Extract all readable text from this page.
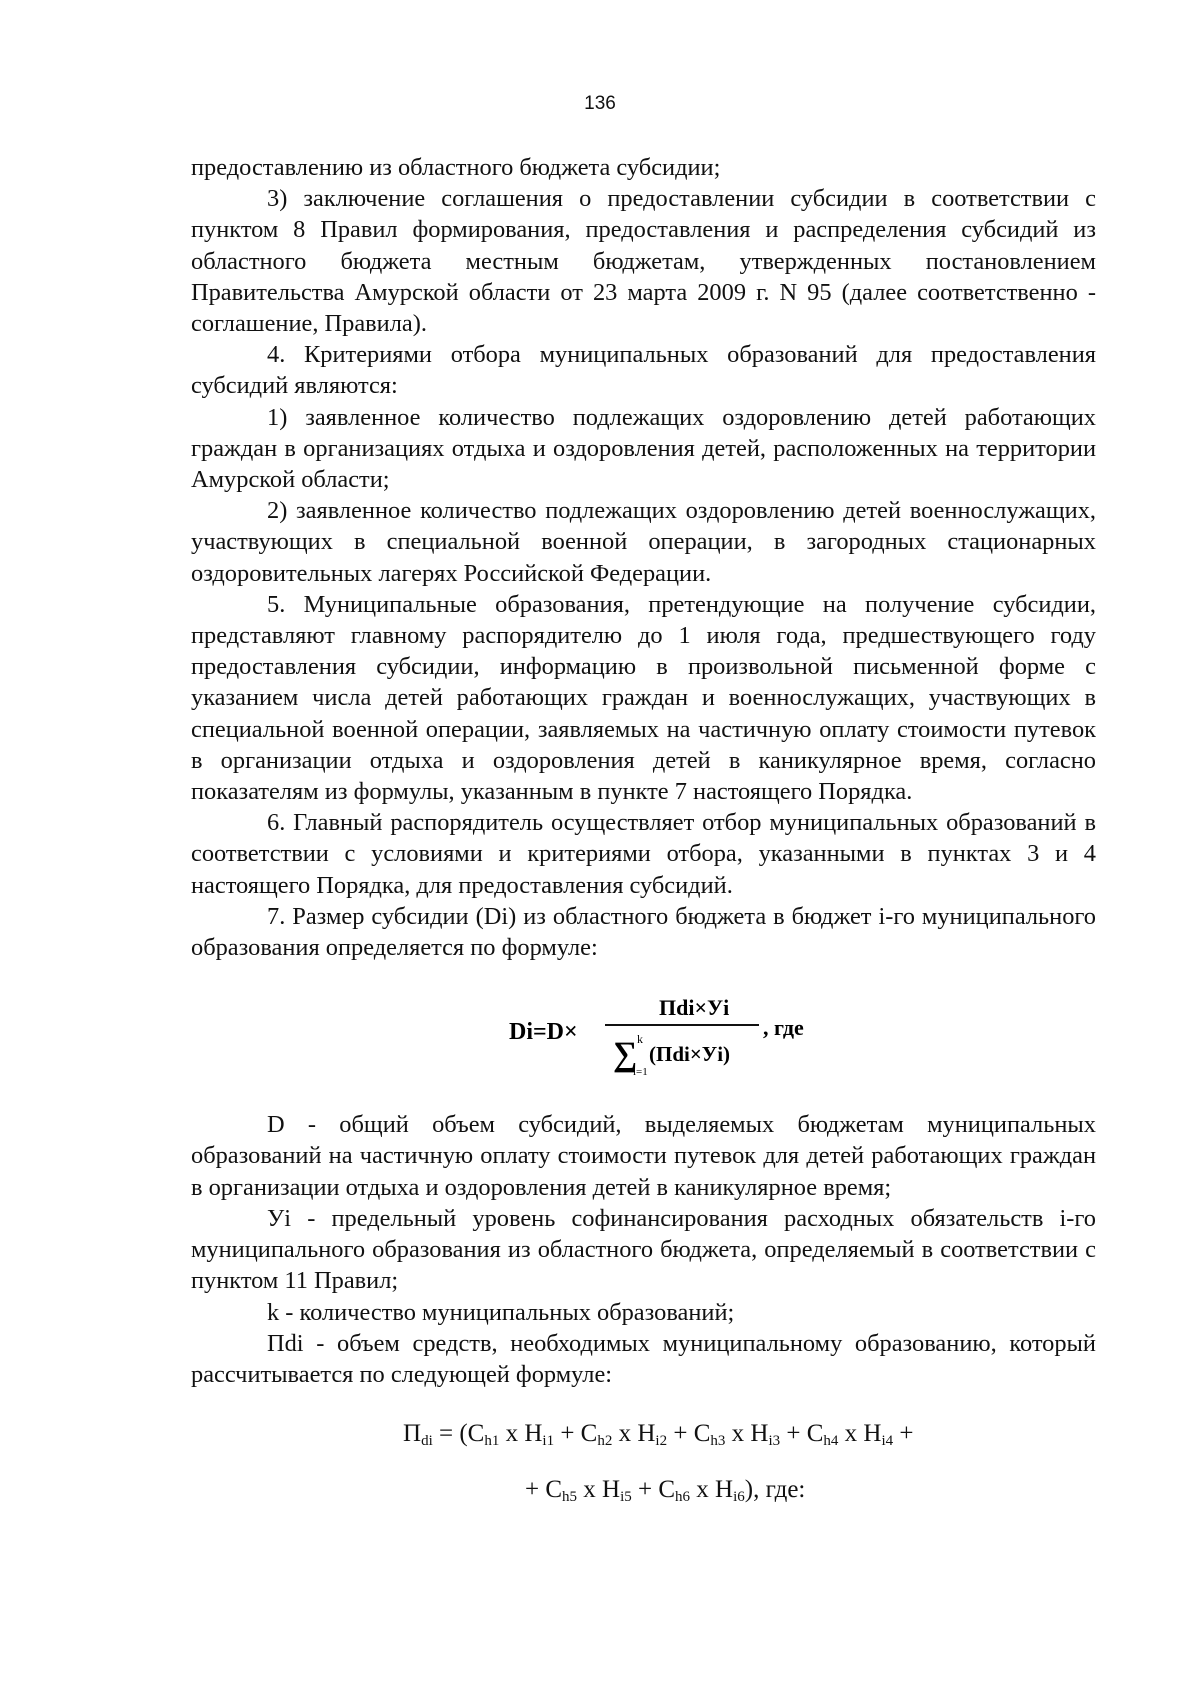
136

предоставлению из областного бюджета субсидии;

3) заключение соглашения о предоставлении субсидии в соответствии с пунктом 8 Правил формирования, предоставления и распределения субсидий из областного бюджета местным бюджетам, утвержденных постановлением Правительства Амурской области от 23 марта 2009 г. N 95 (далее соответственно - соглашение, Правила).

4. Критериями отбора муниципальных образований для предоставления субсидий являются:

1) заявленное количество подлежащих оздоровлению детей работающих граждан в организациях отдыха и оздоровления детей, расположенных на территории Амурской области;

2) заявленное количество подлежащих оздоровлению детей военнослужащих, участвующих в специальной военной операции, в загородных стационарных оздоровительных лагерях Российской Федерации.

5. Муниципальные образования, претендующие на получение субсидии, представляют главному распорядителю до 1 июля года, предшествующего году предоставления субсидии, информацию в произвольной письменной форме с указанием числа детей работающих граждан и военнослужащих, участвующих в специальной военной операции, заявляемых на частичную оплату стоимости путевок в организации отдыха и оздоровления детей в каникулярное время, согласно показателям из формулы, указанным в пункте 7 настоящего Порядка.

6. Главный распорядитель осуществляет отбор муниципальных образований в соответствии с условиями и критериями отбора, указанными в пунктах 3 и 4 настоящего Порядка, для предоставления субсидий.

7. Размер субсидии (Di) из областного бюджета в бюджет i-го муниципального образования определяется по формуле:

Di=D×
Пdi×Уi
∑ k
i=1
(Пdi×Уi)
, где

D - общий объем субсидий, выделяемых бюджетам муниципальных образований на частичную оплату стоимости путевок для детей работающих граждан в организации отдыха и оздоровления детей в каникулярное время;

Уi - предельный уровень софинансирования расходных обязательств i-го муниципального образования из областного бюджета, определяемый в соответствии с пунктом 11 Правил;

k - количество муниципальных образований;

Пdi - объем средств, необходимых муниципальному образованию, который рассчитывается по следующей формуле:

$П_{di} = (C_{h1}$ x $H_{i1} + C_{h2}$ x $H_{i2} + C_{h3}$ x $H_{i3} + C_{h4}$ x $H_{i4}$ +
+ $C_{h5}$ x $H_{i5} + C_{h6}$ x $H_{i6}$), где:
